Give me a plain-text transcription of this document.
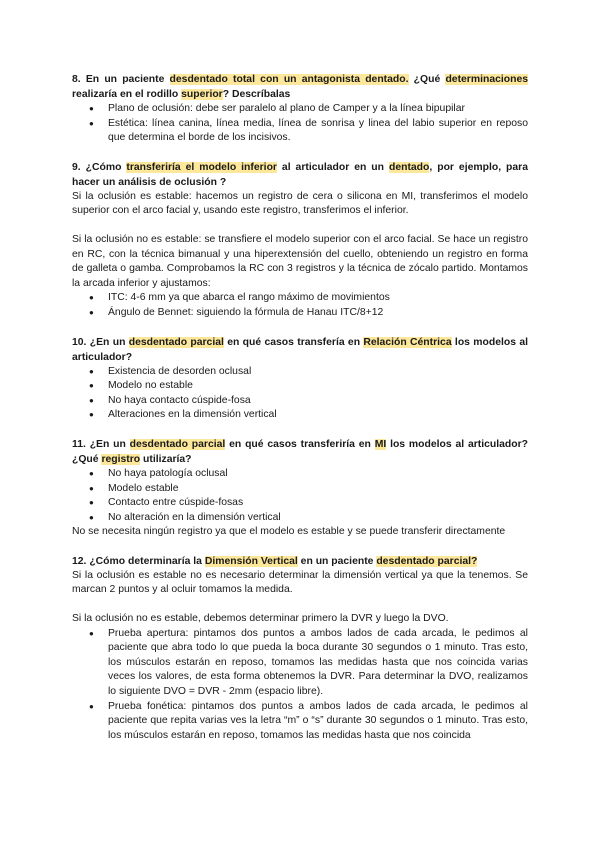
8. En un paciente desdentado total con un antagonista dentado. ¿Qué determinaciones realizaría en el rodillo superior? Descríbalas

● Plano de oclusión: debe ser paralelo al plano de Camper y a la línea bipupilar
● Estética: línea canina, línea media, línea de sonrisa y linea del labio superior en reposo que determina el borde de los incisivos.

9. ¿Cómo transferiría el modelo inferior al articulador en un dentado, por ejemplo, para hacer un análisis de oclusión ?

Si la oclusión es estable: hacemos un registro de cera o silicona en MI, transferimos el modelo superior con el arco facial y, usando este registro, transferimos el inferior.

Si la oclusión no es estable: se transfiere el modelo superior con el arco facial. Se hace un registro en RC, con la técnica bimanual y una hiperextensión del cuello, obteniendo un registro en forma de galleta o gamba. Comprobamos la RC con 3 registros y la técnica de zócalo partido. Montamos la arcada inferior y ajustamos:

● ITC: 4-6 mm ya que abarca el rango máximo de movimientos
● Ángulo de Bennet: siguiendo la fórmula de Hanau ITC/8+12

10. ¿En un desdentado parcial en qué casos transfería en Relación Céntrica los modelos al articulador?

● Existencia de desorden oclusal
● Modelo no estable
● No haya contacto cúspide-fosa
● Alteraciones en la dimensión vertical

11. ¿En un desdentado parcial en qué casos transferiría en MI los modelos al articulador?¿Qué registro utilizaría?

● No haya patología oclusal
● Modelo estable
● Contacto entre cúspide-fosas
● No alteración en la dimensión vertical

No se necesita ningún registro ya que el modelo es estable y se puede transferir directamente

12. ¿Cómo determinaría la Dimensión Vertical en un paciente desdentado parcial?

Si la oclusión es estable no es necesario determinar la dimensión vertical ya que la tenemos. Se marcan 2 puntos y al ocluir tomamos la medida.

Si la oclusión no es estable, debemos determinar primero la DVR y luego la DVO.

● Prueba apertura: pintamos dos puntos a ambos lados de cada arcada, le pedimos al paciente que abra todo lo que pueda la boca durante 30 segundos o 1 minuto. Tras esto, los músculos estarán en reposo, tomamos las medidas hasta que nos coincida varias veces los valores, de esta forma obtenemos la DVR. Para determinar la DVO, realizamos lo siguiente DVO = DVR - 2mm (espacio libre).
● Prueba fonética: pintamos dos puntos a ambos lados de cada arcada, le pedimos al paciente que repita varias ves la letra “m” o “s” durante 30 segundos o 1 minuto. Tras esto, los músculos estarán en reposo, tomamos las medidas hasta que nos coincida
